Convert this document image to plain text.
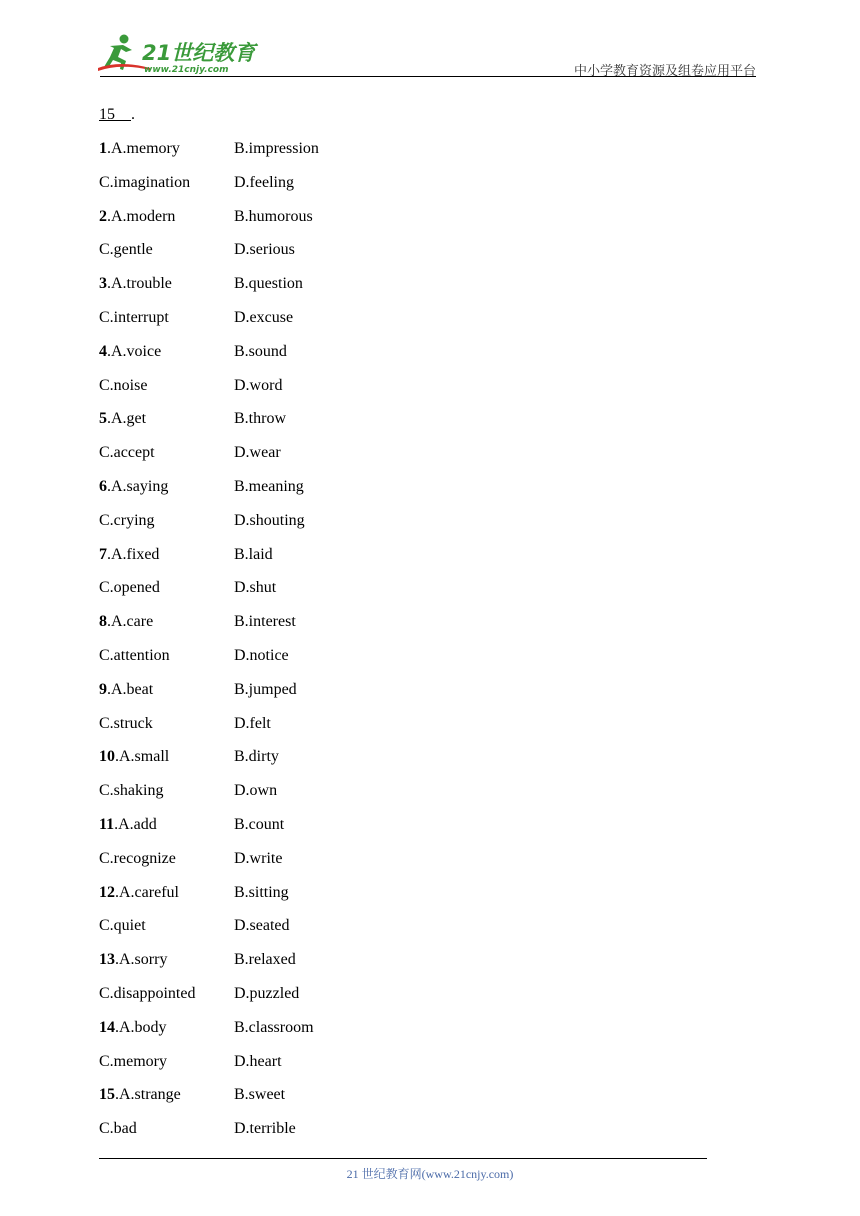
21世纪教育
www.21cnjy.com	中小学教育资源及组卷应用平台
15 .
1.A.memory	B.impression
C.imagination	D.feeling
2.A.modern	B.humorous
C.gentle	D.serious
3.A.trouble	B.question
C.interrupt	D.excuse
4.A.voice	B.sound
C.noise	D.word
5.A.get	B.throw
C.accept	D.wear
6.A.saying	B.meaning
C.crying	D.shouting
7.A.fixed	B.laid
C.opened	D.shut
8.A.care	B.interest
C.attention	D.notice
9.A.beat	B.jumped
C.struck	D.felt
10.A.small	B.dirty
C.shaking	D.own
11.A.add	B.count
C.recognize	D.write
12.A.careful	B.sitting
C.quiet	D.seated
13.A.sorry	B.relaxed
C.disappointed D.puzzled
14.A.body	B.classroom
C.memory	D.heart
15.A.strange	B.sweet
C.bad	D.terrible
21 世纪教育网(www.21cnjy.com)
